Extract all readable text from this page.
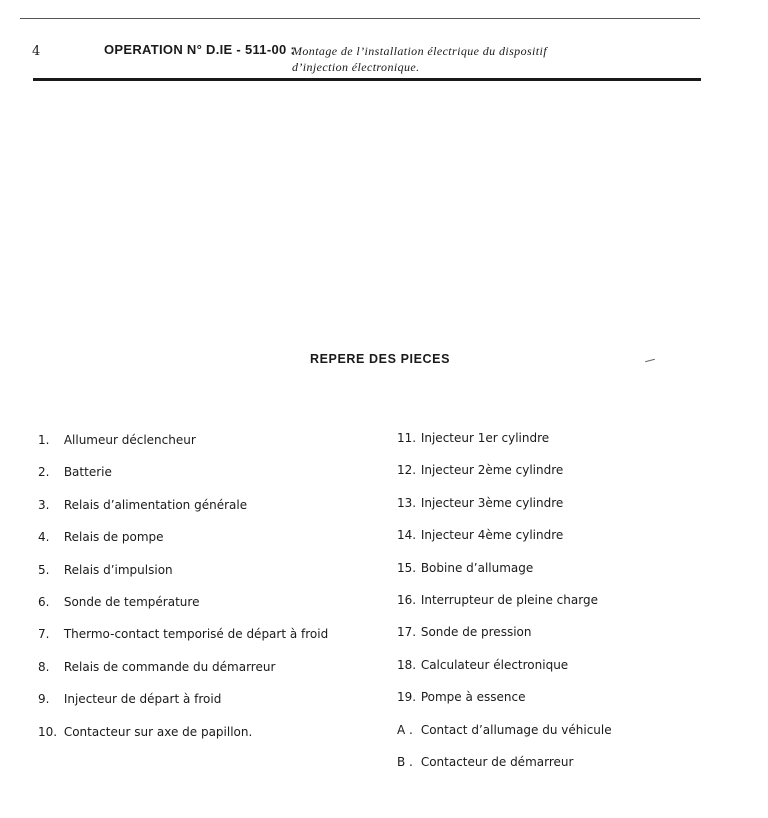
4	OPERATION N° D.IE - 511-00 :
Montage de l’installation électrique du dispositif
d’injection électronique.
REPERE DES PIECES
1. Allumeur déclencheur
2. Batterie
3. Relais d’alimentation générale
4. Relais de pompe
5. Relais d’impulsion
6. Sonde de température
7. Thermo-contact temporisé de départ à froid
8. Relais de commande du démarreur
9. Injecteur de départ à froid
10. Contacteur sur axe de papillon.
11. Injecteur 1er cylindre
12. Injecteur 2ème cylindre
13. Injecteur 3ème cylindre
14. Injecteur 4ème cylindre
15. Bobine d’allumage
16. Interrupteur de pleine charge
17. Sonde de pression
18. Calculateur électronique
19. Pompe à essence
A . Contact d’allumage du véhicule
B . Contacteur de démarreur
